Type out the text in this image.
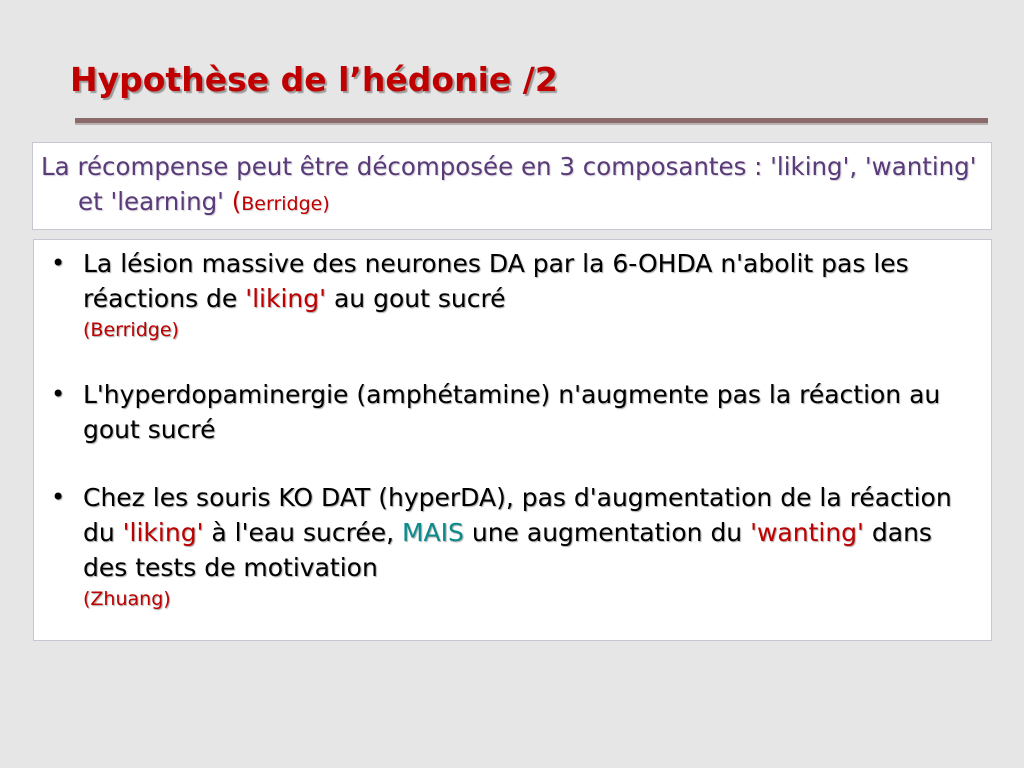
Hypothèse de l’hédonie /2
La récompense peut être décomposée en 3 composantes : 'liking', 'wanting' et 'learning' (Berridge)
• La lésion massive des neurones DA par la 6-OHDA n'abolit pas les réactions de 'liking' au gout sucré
(Berridge)
• L'hyperdopaminergie (amphétamine) n'augmente pas la réaction au gout sucré
• Chez les souris KO DAT (hyperDA), pas d'augmentation de la réaction du 'liking' à l'eau sucrée, MAIS une augmentation du 'wanting' dans des tests de motivation
(Zhuang)
